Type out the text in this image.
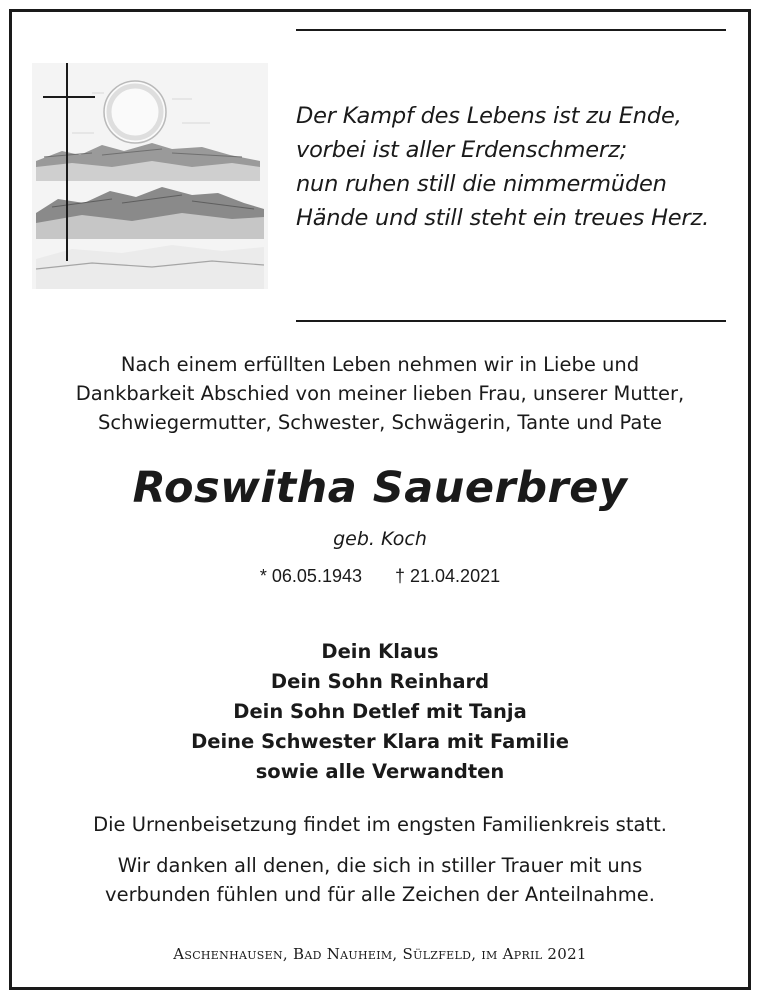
Der Kampf des Lebens ist zu Ende,
vorbei ist aller Erdenschmerz;
nun ruhen still die nimmermüden
Hände und still steht ein treues Herz.
Nach einem erfüllten Leben nehmen wir in Liebe und
Dankbarkeit Abschied von meiner lieben Frau, unserer Mutter,
Schwiegermutter, Schwester, Schwägerin, Tante und Pate
Roswitha Sauerbrey
geb. Koch
* 06.05.1943 † 21.04.2021
Dein Klaus
Dein Sohn Reinhard
Dein Sohn Detlef mit Tanja
Deine Schwester Klara mit Familie
sowie alle Verwandten
Die Urnenbeisetzung findet im engsten Familienkreis statt.
Wir danken all denen, die sich in stiller Trauer mit uns
verbunden fühlen und für alle Zeichen der Anteilnahme.
Aschenhausen, Bad Nauheim, Sülzfeld, im April 2021
